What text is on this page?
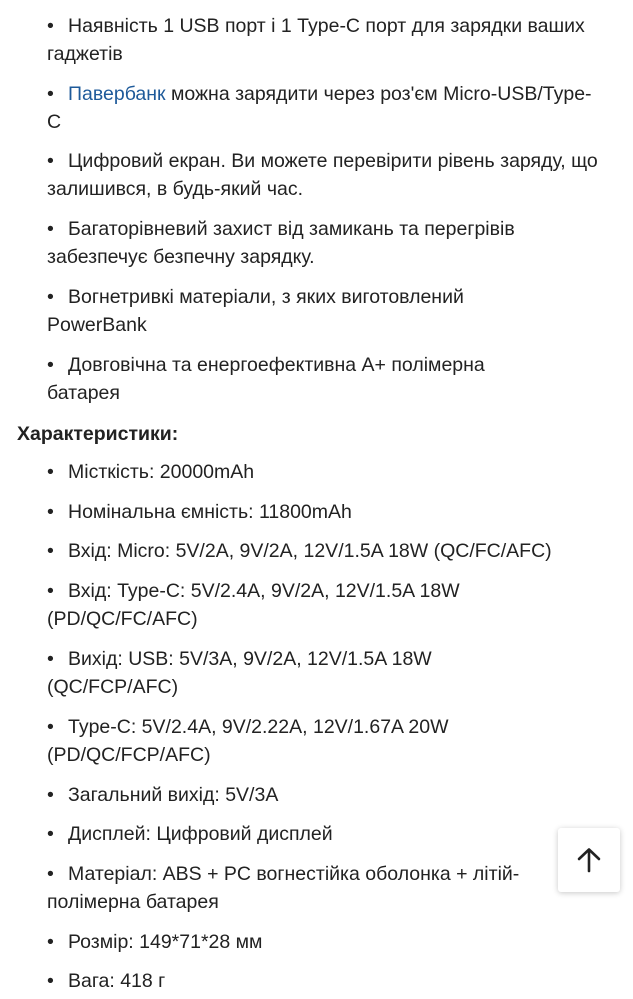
Наявність 1 USB порт і 1 Type-C порт для зарядки ваших гаджетів
•
Павербанк можна зарядити через роз'єм Micro-USB/Type-C
•
Цифровий екран. Ви можете перевірити рівень заряду, що залишився, в будь-який час.
•
Багаторівневий захист від замикань та перегрівів забезпечує безпечну зарядку.
•
Вогнетривкі матеріали, з яких виготовлений PowerBank
•
Довговічна та енергоефективна A+ полімерна батарея
•
Характеристики:
Місткість: 20000mAh
•
Номінальна ємність: 11800mAh
•
Вхід: Micro: 5V/2A, 9V/2A, 12V/1.5A 18W (QC/FC/AFC)
•
Вхід: Type-C: 5V/2.4A, 9V/2A, 12V/1.5A 18W (PD/QC/FC/AFC)
•
Вихід: USB: 5V/3A, 9V/2A, 12V/1.5A 18W (QC/FCP/AFC)
•
Type-C: 5V/2.4A, 9V/2.22A, 12V/1.67A 20W (PD/QC/FCP/AFC)
•
Загальний вихід: 5V/3A
•
Дисплей: Цифровий дисплей
•
Матеріал: ABS + PC вогнестійка оболонка + літій-полімерна батарея
•
Розмір: 149*71*28 мм
•
Вага: 418 г
•
